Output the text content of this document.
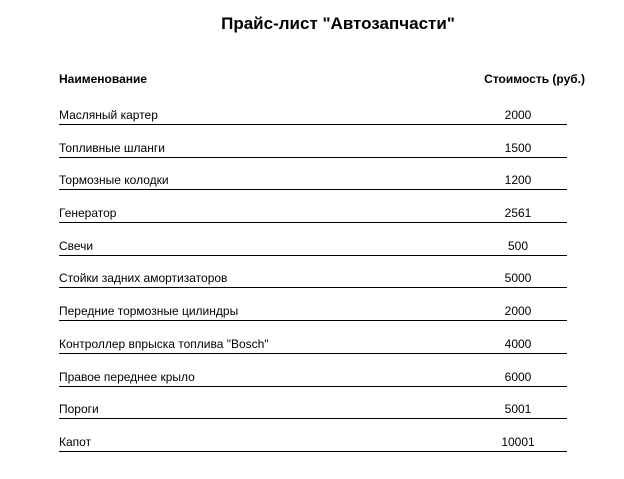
Прайс-лист "Автозапчасти"
Наименование	Стоимость (руб.)
Масляный картер	2000
Топливные шланги	1500
Тормозные колодки	1200
Генератор	2561
Свечи	500
Стойки задних амортизаторов	5000
Передние тормозные цилиндры	2000
Контроллер впрыска топлива "Bosch"	4000
Правое переднее крыло	6000
Пороги	5001
Капот	10001
